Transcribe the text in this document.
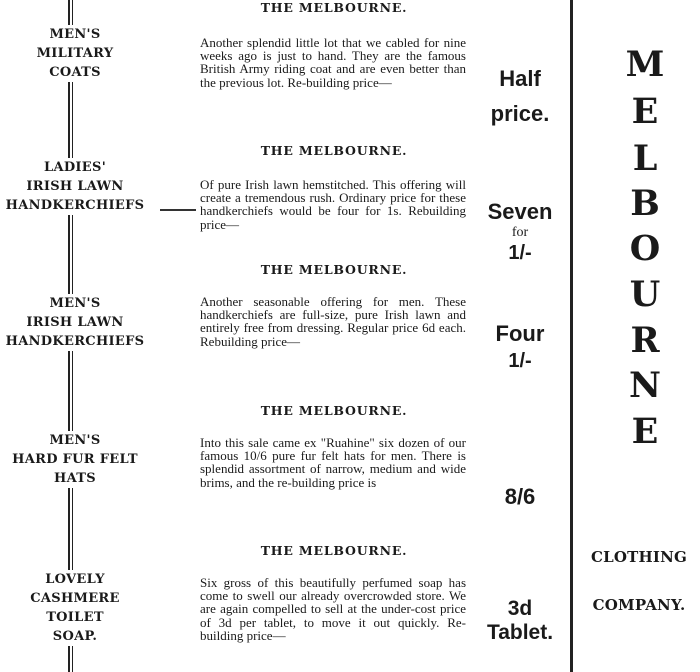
THE MELBOURNE.
MEN'S
MILITARY
COATS
Another splendid little lot that we cabled for nine weeks ago is just to hand. They are the famous British Army riding coat and are even better than the previous lot. Re-building price—	Half
price.
THE MELBOURNE.
LADIES'
IRISH LAWN
HANDKERCHIEFS
Of pure Irish lawn hemstitched. This offering will create a tremendous rush. Ordinary price for these handkerchiefs would be four for 1s. Rebuilding price—
Seven
for
1/-
THE MELBOURNE.
MEN'S
IRISH LAWN
HANDKERCHIEFS
Another seasonable offering for men. These handkerchiefs are full-size, pure Irish lawn and entirely free from dressing. Regular price 6d each. Rebuilding price—	Four
1/-
THE MELBOURNE.
MEN'S
HARD FUR FELT
HATS
Into this sale came ex "Ruahine" six dozen of our famous 10/6 pure fur felt hats for men. There is splendid assortment of narrow, medium and wide brims, and the re-building price is
8/6
THE MELBOURNE.
LOVELY
CASHMERE TOILET
SOAP.
Six gross of this beautifully perfumed soap has come to swell our already overcrowded store. We are again compelled to sell at the under-cost price of 3d per tablet, to move it out quickly. Re-building price—
3d
Tablet.
M
E
L
B
O
U
R
N
E
CLOTHING
COMPANY.
